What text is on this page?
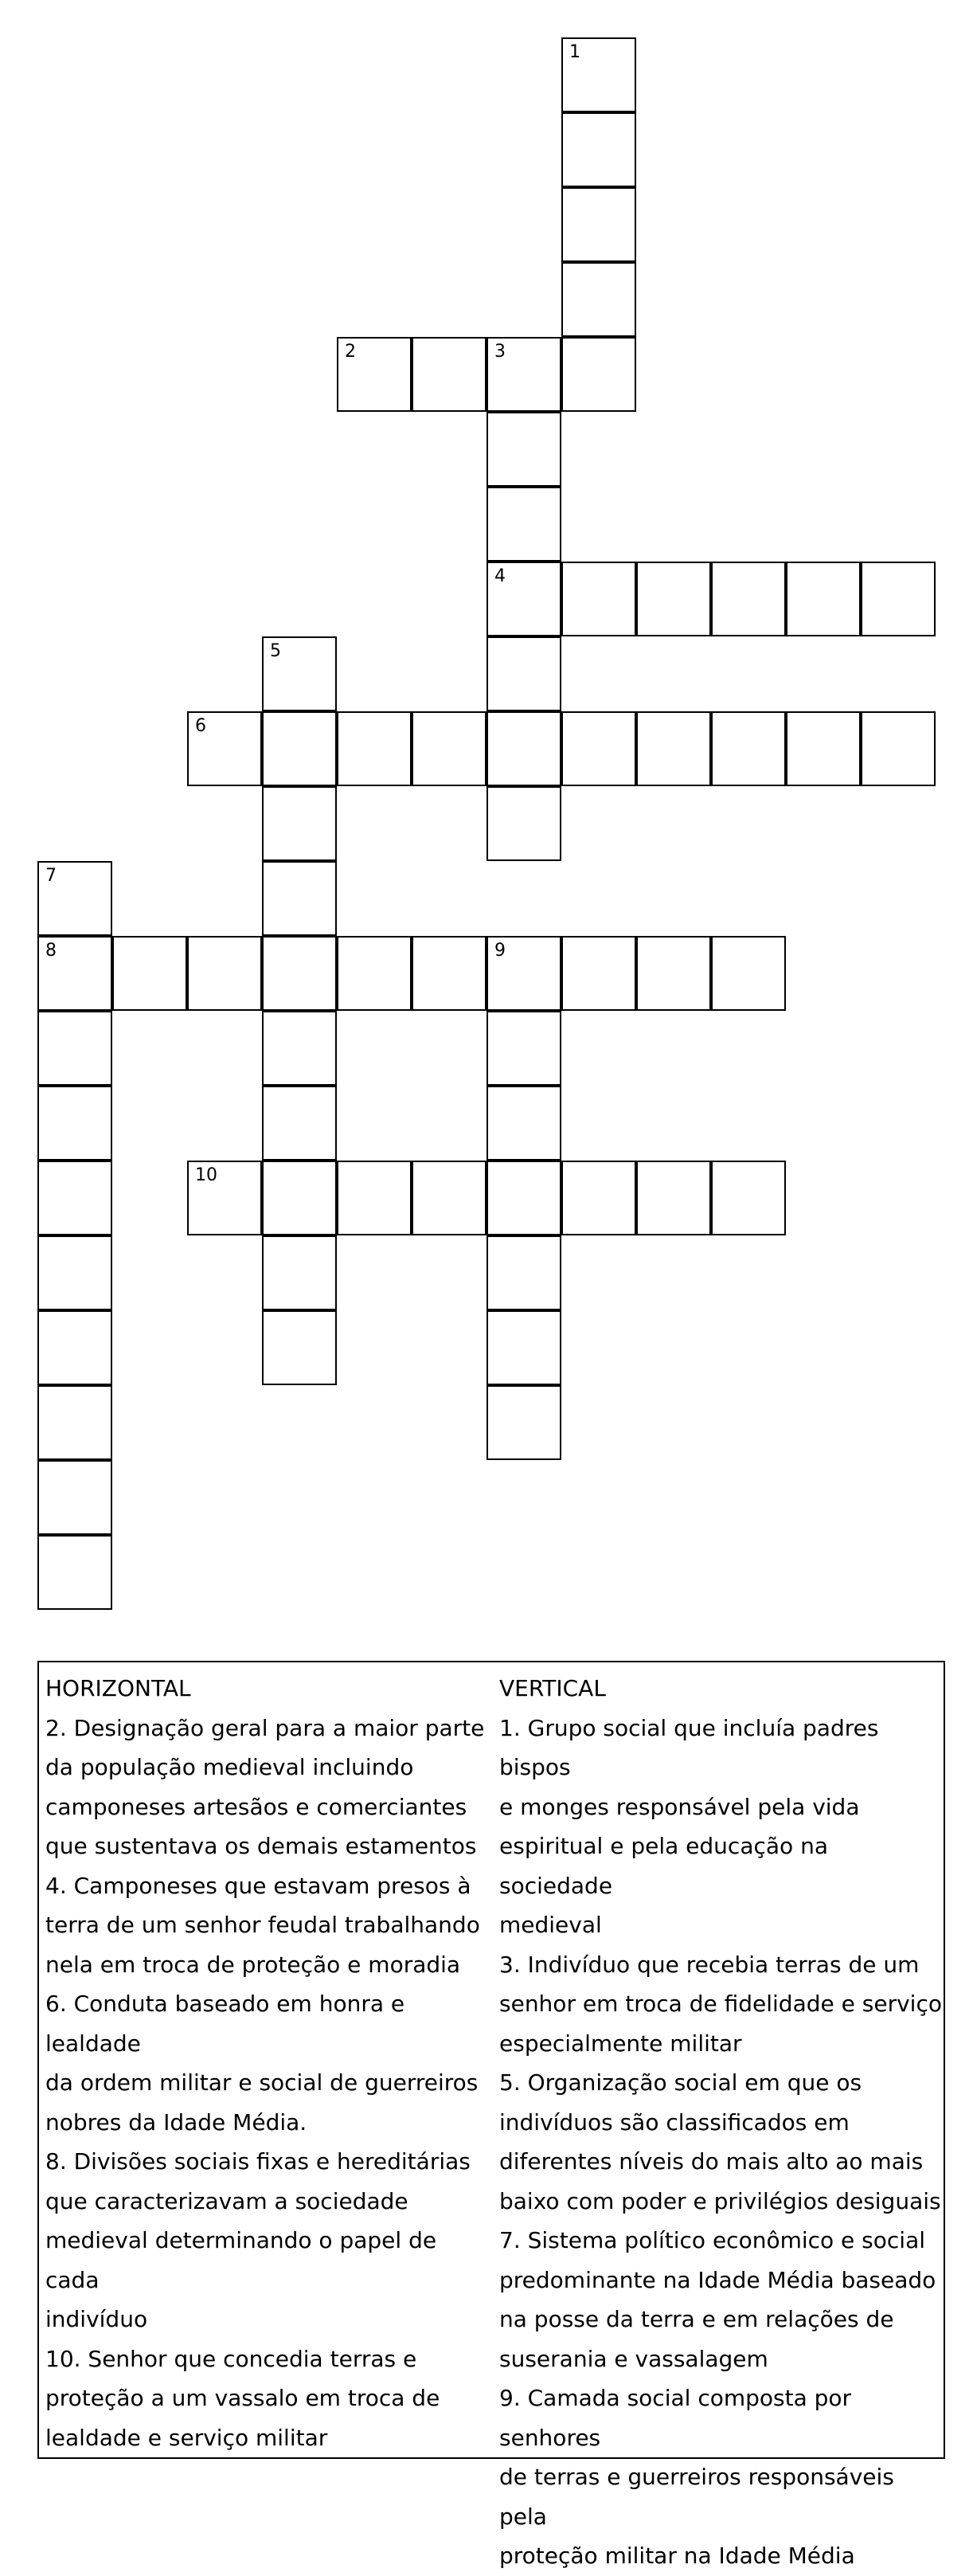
1
2	3
4
5
6
7
8	9
10
HORIZONTAL
2. Designação geral para a maior parte
da população medieval incluindo
camponeses artesãos e comerciantes
que sustentava os demais estamentos
4. Camponeses que estavam presos à
terra de um senhor feudal trabalhando
nela em troca de proteção e moradia
6. Conduta baseado em honra e lealdade
da ordem militar e social de guerreiros
nobres da Idade Média.
8. Divisões sociais fixas e hereditárias
que caracterizavam a sociedade
medieval determinando o papel de cada
indivíduo
10. Senhor que concedia terras e
proteção a um vassalo em troca de
lealdade e serviço militar
VERTICAL
1. Grupo social que incluía padres bispos
e monges responsável pela vida
espiritual e pela educação na sociedade
medieval
3. Indivíduo que recebia terras de um
senhor em troca de fidelidade e serviço
especialmente militar
5. Organização social em que os
indivíduos são classificados em
diferentes níveis do mais alto ao mais
baixo com poder e privilégios desiguais
7. Sistema político econômico e social
predominante na Idade Média baseado
na posse da terra e em relações de
suserania e vassalagem
9. Camada social composta por senhores
de terras e guerreiros responsáveis pela
proteção militar na Idade Média
